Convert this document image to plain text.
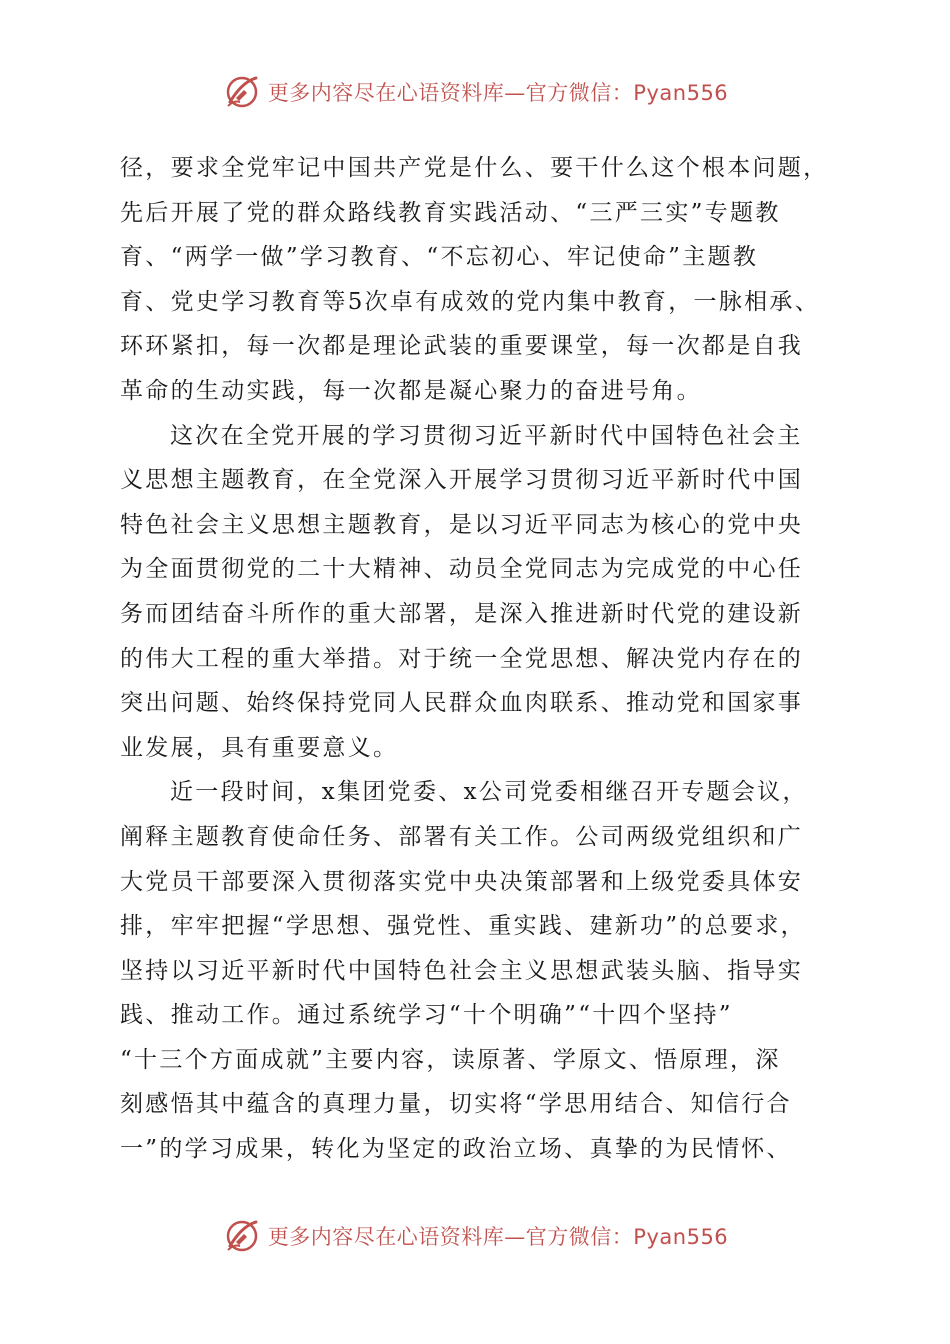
更多内容尽在心语资料库—官方微信：Pyan556
径，要求全党牢记中国共产党是什么、要干什么这个根本问题，
先后开展了党的群众路线教育实践活动、“三严三实”专题教
育、“两学一做”学习教育、“不忘初心、牢记使命”主题教
育、党史学习教育等5次卓有成效的党内集中教育，一脉相承、
环环紧扣，每一次都是理论武装的重要课堂，每一次都是自我
革命的生动实践，每一次都是凝心聚力的奋进号角。
这次在全党开展的学习贯彻习近平新时代中国特色社会主
义思想主题教育，在全党深入开展学习贯彻习近平新时代中国
特色社会主义思想主题教育，是以习近平同志为核心的党中央
为全面贯彻党的二十大精神、动员全党同志为完成党的中心任
务而团结奋斗所作的重大部署，是深入推进新时代党的建设新
的伟大工程的重大举措。对于统一全党思想、解决党内存在的
突出问题、始终保持党同人民群众血肉联系、推动党和国家事
业发展，具有重要意义。
近一段时间，x集团党委、x公司党委相继召开专题会议，
阐释主题教育使命任务、部署有关工作。公司两级党组织和广
大党员干部要深入贯彻落实党中央决策部署和上级党委具体安
排，牢牢把握“学思想、强党性、重实践、建新功”的总要求，
坚持以习近平新时代中国特色社会主义思想武装头脑、指导实
践、推动工作。通过系统学习“十个明确”“十四个坚持”
“十三个方面成就”主要内容，读原著、学原文、悟原理，深
刻感悟其中蕴含的真理力量，切实将“学思用结合、知信行合
一”的学习成果，转化为坚定的政治立场、真挚的为民情怀、
更多内容尽在心语资料库—官方微信：Pyan556
